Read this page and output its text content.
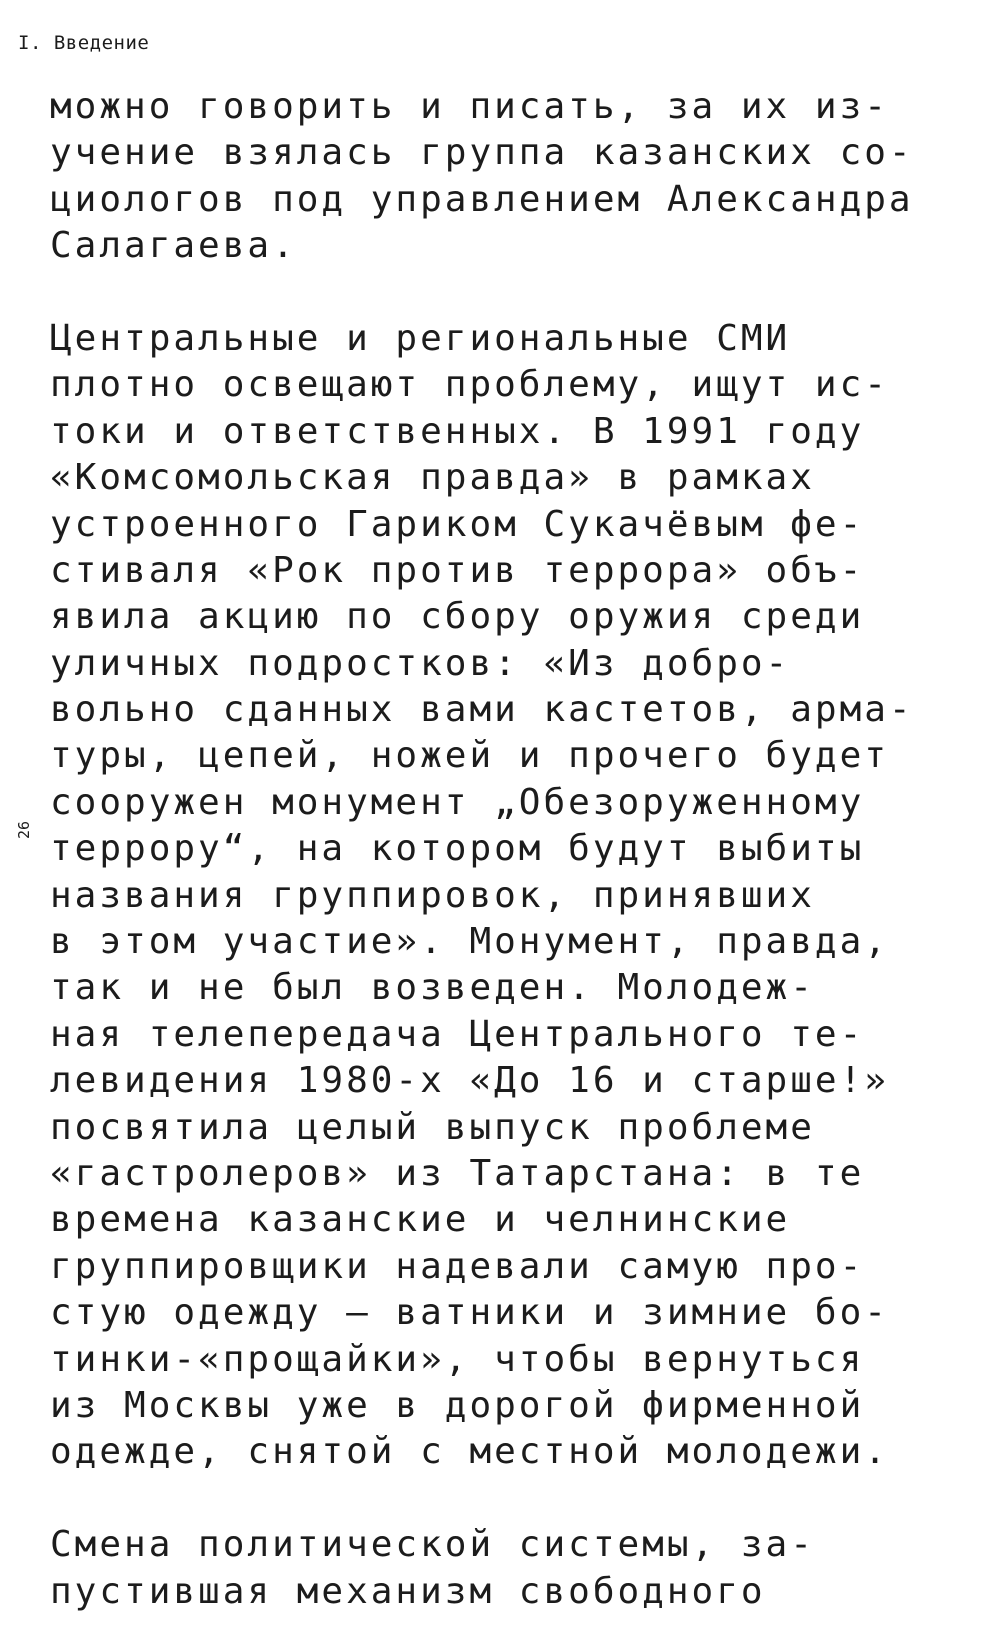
I. Введение
26

можно говорить и писать, за их из-
учение взялась группа казанских со-
циологов под управлением Александра
Салагаева.

Центральные и региональные СМИ
плотно освещают проблему, ищут ис-
токи и ответственных. В 1991 году
«Комсомольская правда» в рамках
устроенного Гариком Сукачёвым фе-
стиваля «Рок против террора» объ-
явила акцию по сбору оружия среди
уличных подростков: «Из добро-
вольно сданных вами кастетов, арма-
туры, цепей, ножей и прочего будет
сооружен монумент „Обезоруженному
террору“, на котором будут выбиты
названия группировок, принявших
в этом участие». Монумент, правда,
так и не был возведен. Молодеж-
ная телепередача Центрального те-
левидения 1980-х «До 16 и старше!»
посвятила целый выпуск проблеме
«гастролеров» из Татарстана: в те
времена казанские и челнинские
группировщики надевали самую про-
стую одежду — ватники и зимние бо-
тинки-«прощайки», чтобы вернуться
из Москвы уже в дорогой фирменной
одежде, снятой с местной молодежи.

Смена политической системы, за-
пустившая механизм свободного
